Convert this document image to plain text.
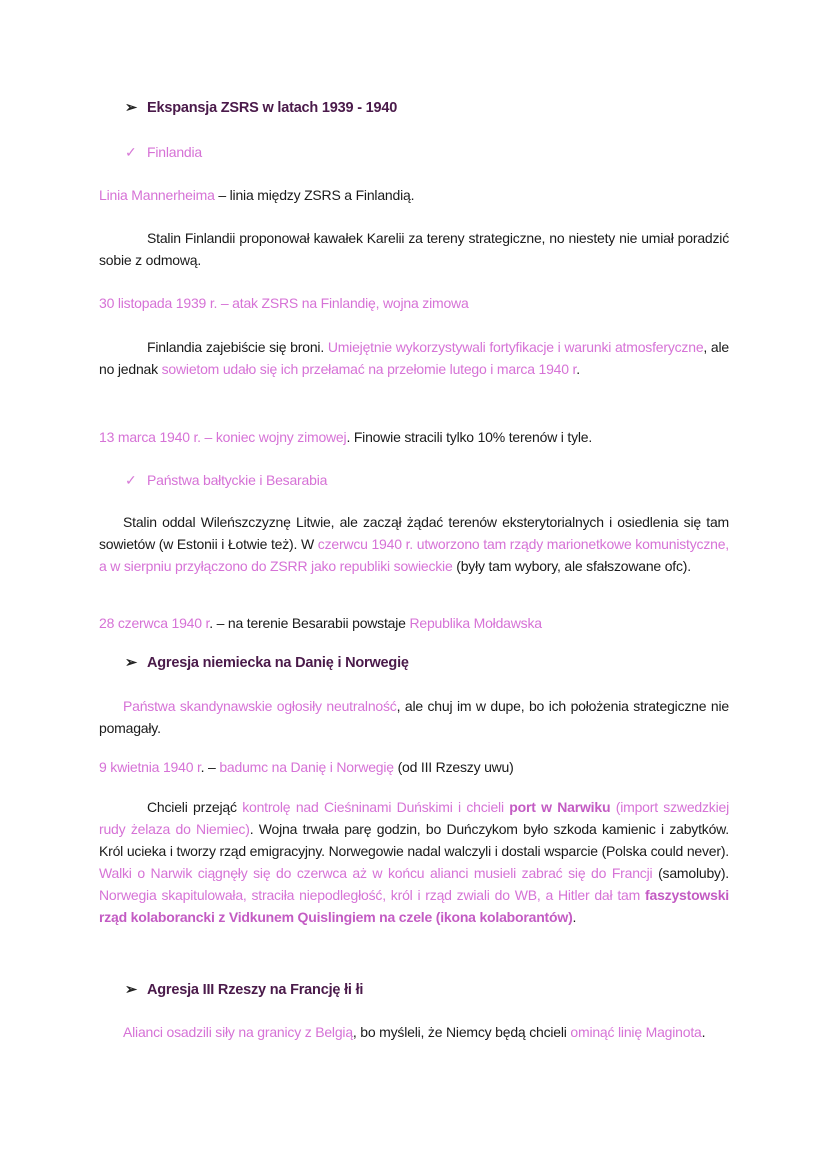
➢ Ekspansja ZSRS w latach 1939 - 1940
✓ Finlandia
Linia Mannerheima – linia między ZSRS a Finlandią.
Stalin Finlandii proponował kawałek Karelii za tereny strategiczne, no niestety nie umiał poradzić sobie z odmową.
30 listopada 1939 r. – atak ZSRS na Finlandię, wojna zimowa
Finlandia zajebiście się broni. Umiejętnie wykorzystywali fortyfikacje i warunki atmosferyczne, ale no jednak sowietom udało się ich przełamać na przełomie lutego i marca 1940 r.
13 marca 1940 r. – koniec wojny zimowej. Finowie stracili tylko 10% terenów i tyle.
✓ Państwa bałtyckie i Besarabia
Stalin oddal Wileńszczyznę Litwie, ale zaczął żądać terenów eksterytorialnych i osiedlenia się tam sowietów (w Estonii i Łotwie też). W czerwcu 1940 r. utworzono tam rządy marionetkowe komunistyczne, a w sierpniu przyłączono do ZSRR jako republiki sowieckie (były tam wybory, ale sfałszowane ofc).
28 czerwca 1940 r. – na terenie Besarabii powstaje Republika Mołdawska
➢ Agresja niemiecka na Danię i Norwegię
Państwa skandynawskie ogłosiły neutralność, ale chuj im w dupe, bo ich położenia strategiczne nie pomagały.
9 kwietnia 1940 r. – badumc na Danię i Norwegię (od III Rzeszy uwu)
Chcieli przejąć kontrolę nad Cieśninami Duńskimi i chcieli port w Narwiku (import szwedzkiej rudy żelaza do Niemiec). Wojna trwała parę godzin, bo Duńczykom było szkoda kamienic i zabytków. Król ucieka i tworzy rząd emigracyjny. Norwegowie nadal walczyli i dostali wsparcie (Polska could never). Walki o Narwik ciągnęły się do czerwca aż w końcu alianci musieli zabrać się do Francji (samoluby). Norwegia skapitulowała, straciła niepodległość, król i rząd zwiali do WB, a Hitler dał tam faszystowski rząd kolaborancki z Vidkunem Quislingiem na czele (ikona kolaborantów).
➢ Agresja III Rzeszy na Francję łi łi
Alianci osadzili siły na granicy z Belgią, bo myśleli, że Niemcy będą chcieli ominąć linię Maginota.
